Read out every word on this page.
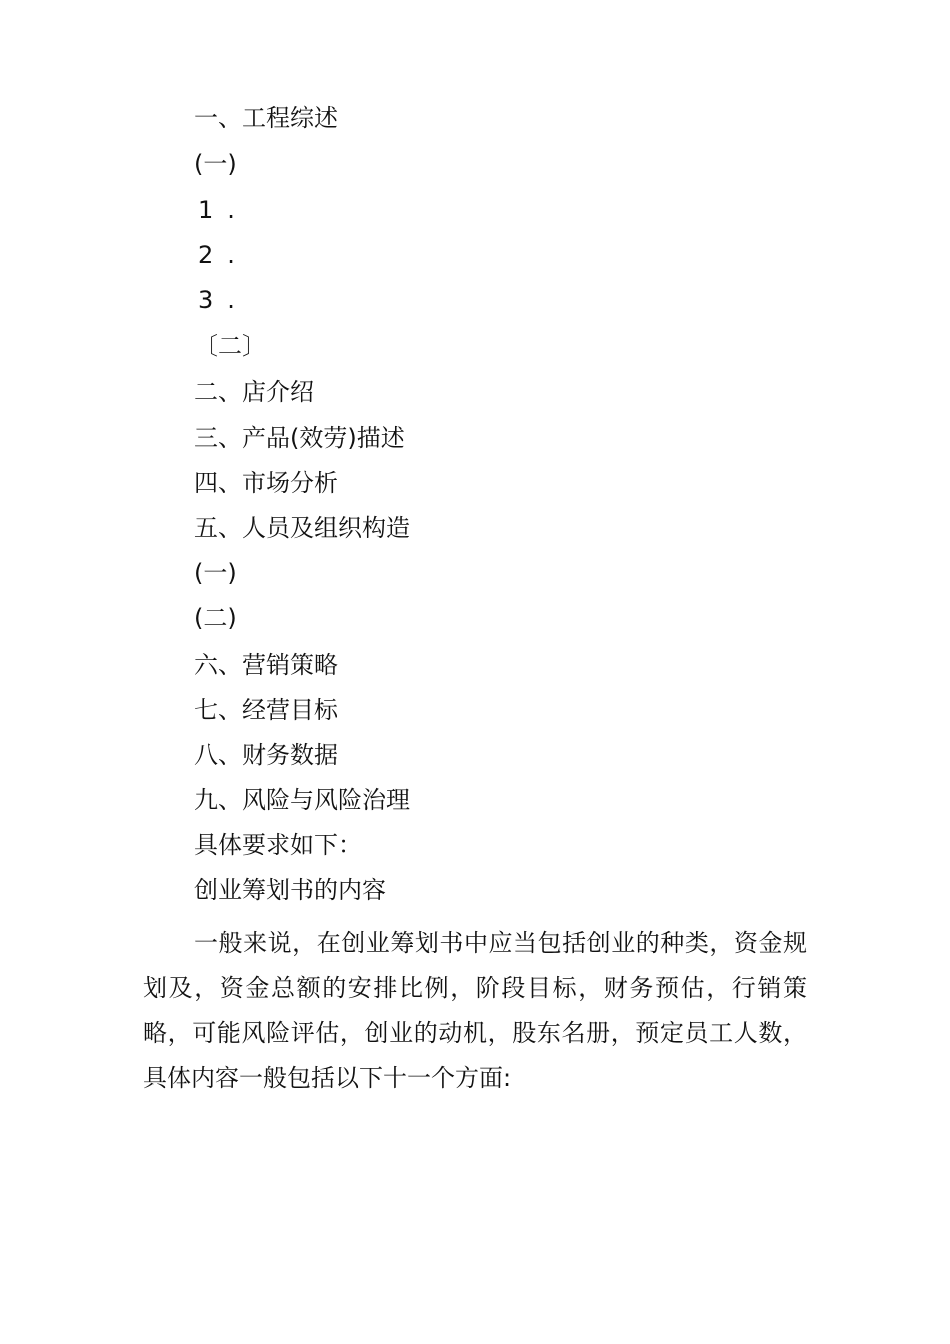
一、工程综述
(一)
1.
2.
3.
〔二〕
二、店介绍
三、产品(效劳)描述
四、市场分析
五、人员及组织构造
(一)
(二)
六、营销策略
七、经营目标
八、财务数据
九、风险与风险治理
具体要求如下：
创业筹划书的内容

一般来说，在创业筹划书中应当包括创业的种类，资金规划及，资金总额的安排比例，阶段目标，财务预估，行销策略，可能风险评估，创业的动机，股东名册，预定员工人数，具体内容一般包括以下十一个方面:
